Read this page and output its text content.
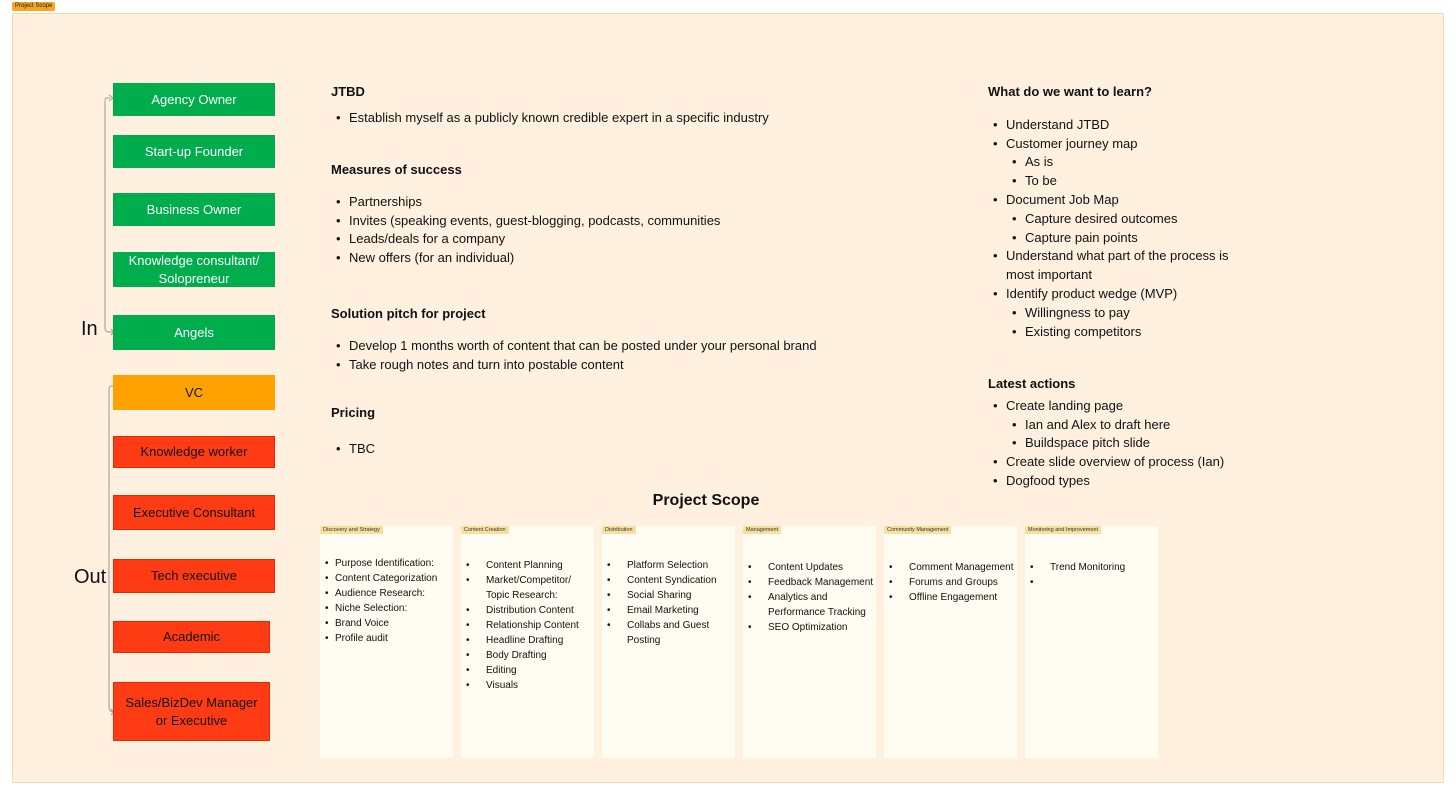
Project Scope
In
Out
Agency Owner
Start-up Founder
Business Owner
Knowledge consultant/ Solopreneur
Angels
VC
Knowledge worker
Executive Consultant
Tech executive
Academic
Sales/BizDev Manager or Executive
JTBD
• Establish myself as a publicly known credible expert in a specific industry
Measures of success
• Partnerships
• Invites (speaking events, guest-blogging, podcasts, communities
• Leads/deals for a company
• New offers (for an individual)
Solution pitch for project
• Develop 1 months worth of content that can be posted under your personal brand
• Take rough notes and turn into postable content
Pricing
• TBC
What do we want to learn?
• Understand JTBD
• Customer journey map
• As is
• To be
• Document Job Map
• Capture desired outcomes
• Capture pain points
• Understand what part of the process is most important
• Identify product wedge (MVP)
• Willingness to pay
• Existing competitors
Latest actions
• Create landing page
• Ian and Alex to draft here
• Buildspace pitch slide
• Create slide overview of process (Ian)
• Dogfood types
Project Scope
Discovery and Strategy
• Purpose Identification:
• Content Categorization
• Audience Research:
• Niche Selection:
• Brand Voice
• Profile audit
Content Creation
• Content Planning
• Market/Competitor/ Topic Research:
• Distribution Content
• Relationship Content
• Headline Drafting
• Body Drafting
• Editing
• Visuals
Distribution
• Platform Selection
• Content Syndication
• Social Sharing
• Email Marketing
• Collabs and Guest Posting
Management
• Content Updates
• Feedback Management
• Analytics and Performance Tracking
• SEO Optimization
Community Management
• Comment Management
• Forums and Groups
• Offline Engagement
Monitoring and Improvement
• Trend Monitoring
•
